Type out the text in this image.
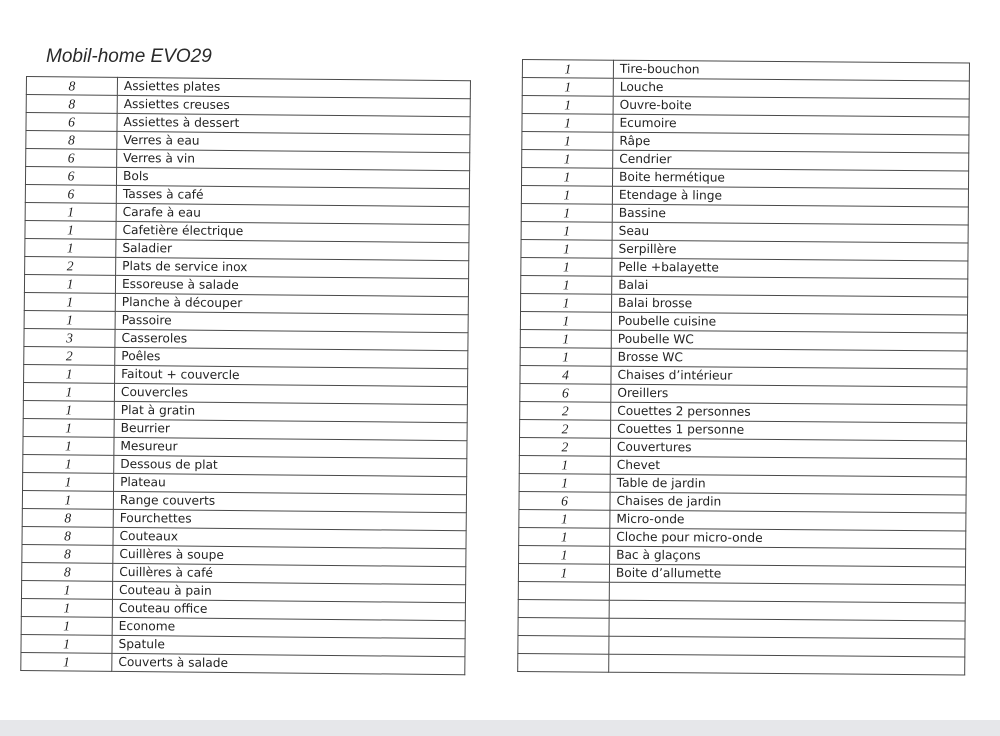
Mobil-home EVO29
8	Assiettes plates
8	Assiettes creuses
6	Assiettes à dessert
8	Verres à eau
6	Verres à vin
6	Bols
6	Tasses à café
1	Carafe à eau
1	Cafetière électrique
1	Saladier
2	Plats de service inox
1	Essoreuse à salade
1	Planche à découper
1	Passoire
3	Casseroles
2	Poêles
1	Faitout + couvercle
1	Couvercles
1	Plat à gratin
1	Beurrier
1	Mesureur
1	Dessous de plat
1	Plateau
1	Range couverts
8	Fourchettes
8	Couteaux
8	Cuillères à soupe
8	Cuillères à café
1	Couteau à pain
1	Couteau office
1	Econome
1	Spatule
1	Couverts à salade
1	Tire-bouchon
1	Louche
1	Ouvre-boite
1	Ecumoire
1	Râpe
1	Cendrier
1	Boite hermétique
1	Etendage à linge
1	Bassine
1	Seau
1	Serpillère
1	Pelle +balayette
1	Balai
1	Balai brosse
1	Poubelle cuisine
1	Poubelle WC
1	Brosse WC
4	Chaises d’intérieur
6	Oreillers
2	Couettes 2 personnes
2	Couettes 1 personne
2	Couvertures
1	Chevet
1	Table de jardin
6	Chaises de jardin
1	Micro-onde
1	Cloche pour micro-onde
1	Bac à glaçons
1	Boite d’allumette
